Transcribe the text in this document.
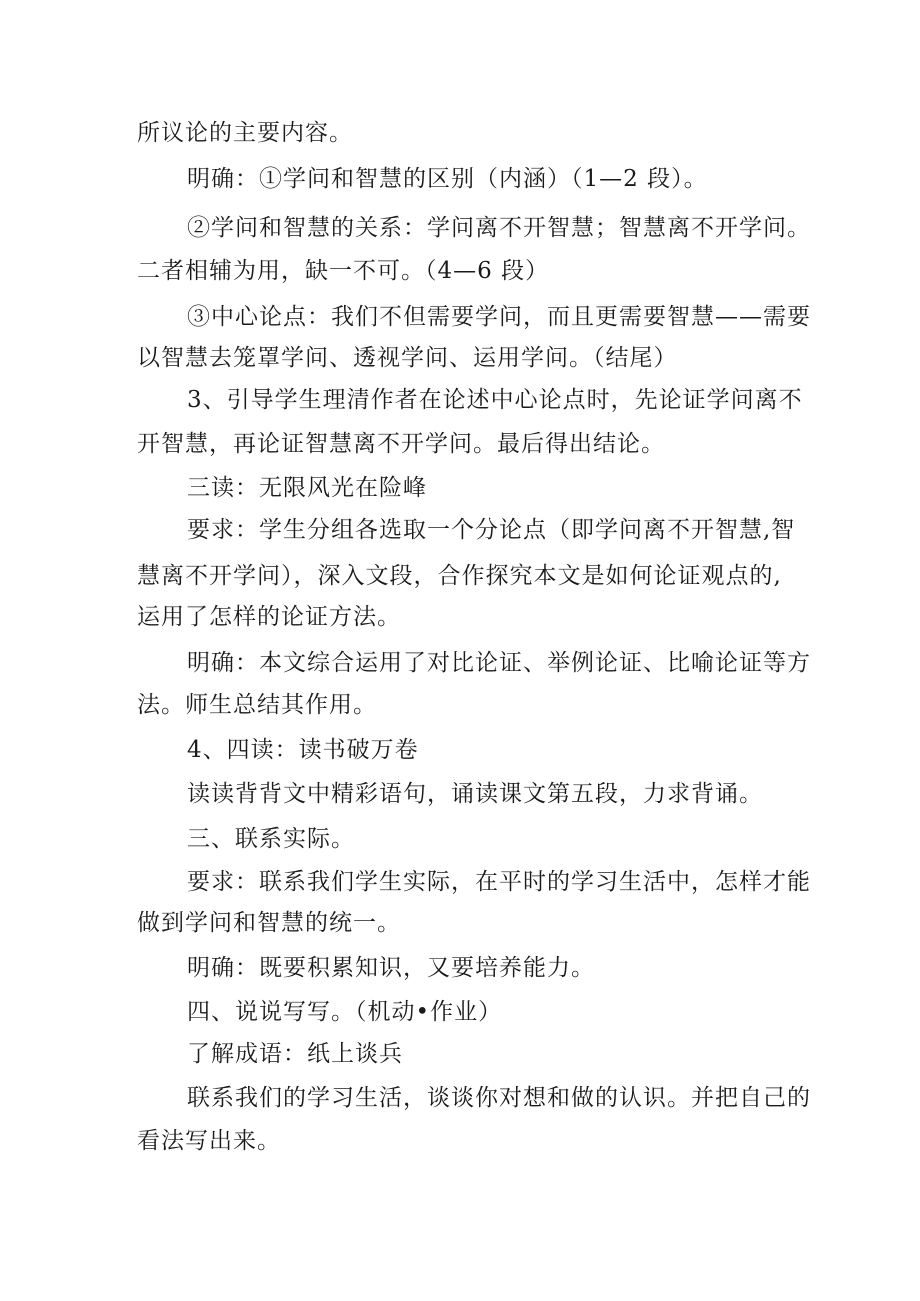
所议论的主要内容。
明确：①学问和智慧的区别（内涵）（1—2 段）。
②学问和智慧的关系：学问离不开智慧；智慧离不开学问。
二者相辅为用，缺一不可。（4—6 段）
③中心论点：我们不但需要学问，而且更需要智慧——需要
以智慧去笼罩学问、透视学问、运用学问。（结尾）
3、引导学生理清作者在论述中心论点时，先论证学问离不
开智慧，再论证智慧离不开学问。最后得出结论。
三读：无限风光在险峰
要求：学生分组各选取一个分论点（即学问离不开智慧,智
慧离不开学问），深入文段，合作探究本文是如何论证观点的,
运用了怎样的论证方法。
明确：本文综合运用了对比论证、举例论证、比喻论证等方
法。师生总结其作用。
4、四读：读书破万卷
读读背背文中精彩语句，诵读课文第五段，力求背诵。
三、联系实际。
要求：联系我们学生实际，在平时的学习生活中，怎样才能
做到学问和智慧的统一。
明确：既要积累知识，又要培养能力。
四、说说写写。（机动•作业）
了解成语：纸上谈兵
联系我们的学习生活，谈谈你对想和做的认识。并把自己的
看法写出来。
